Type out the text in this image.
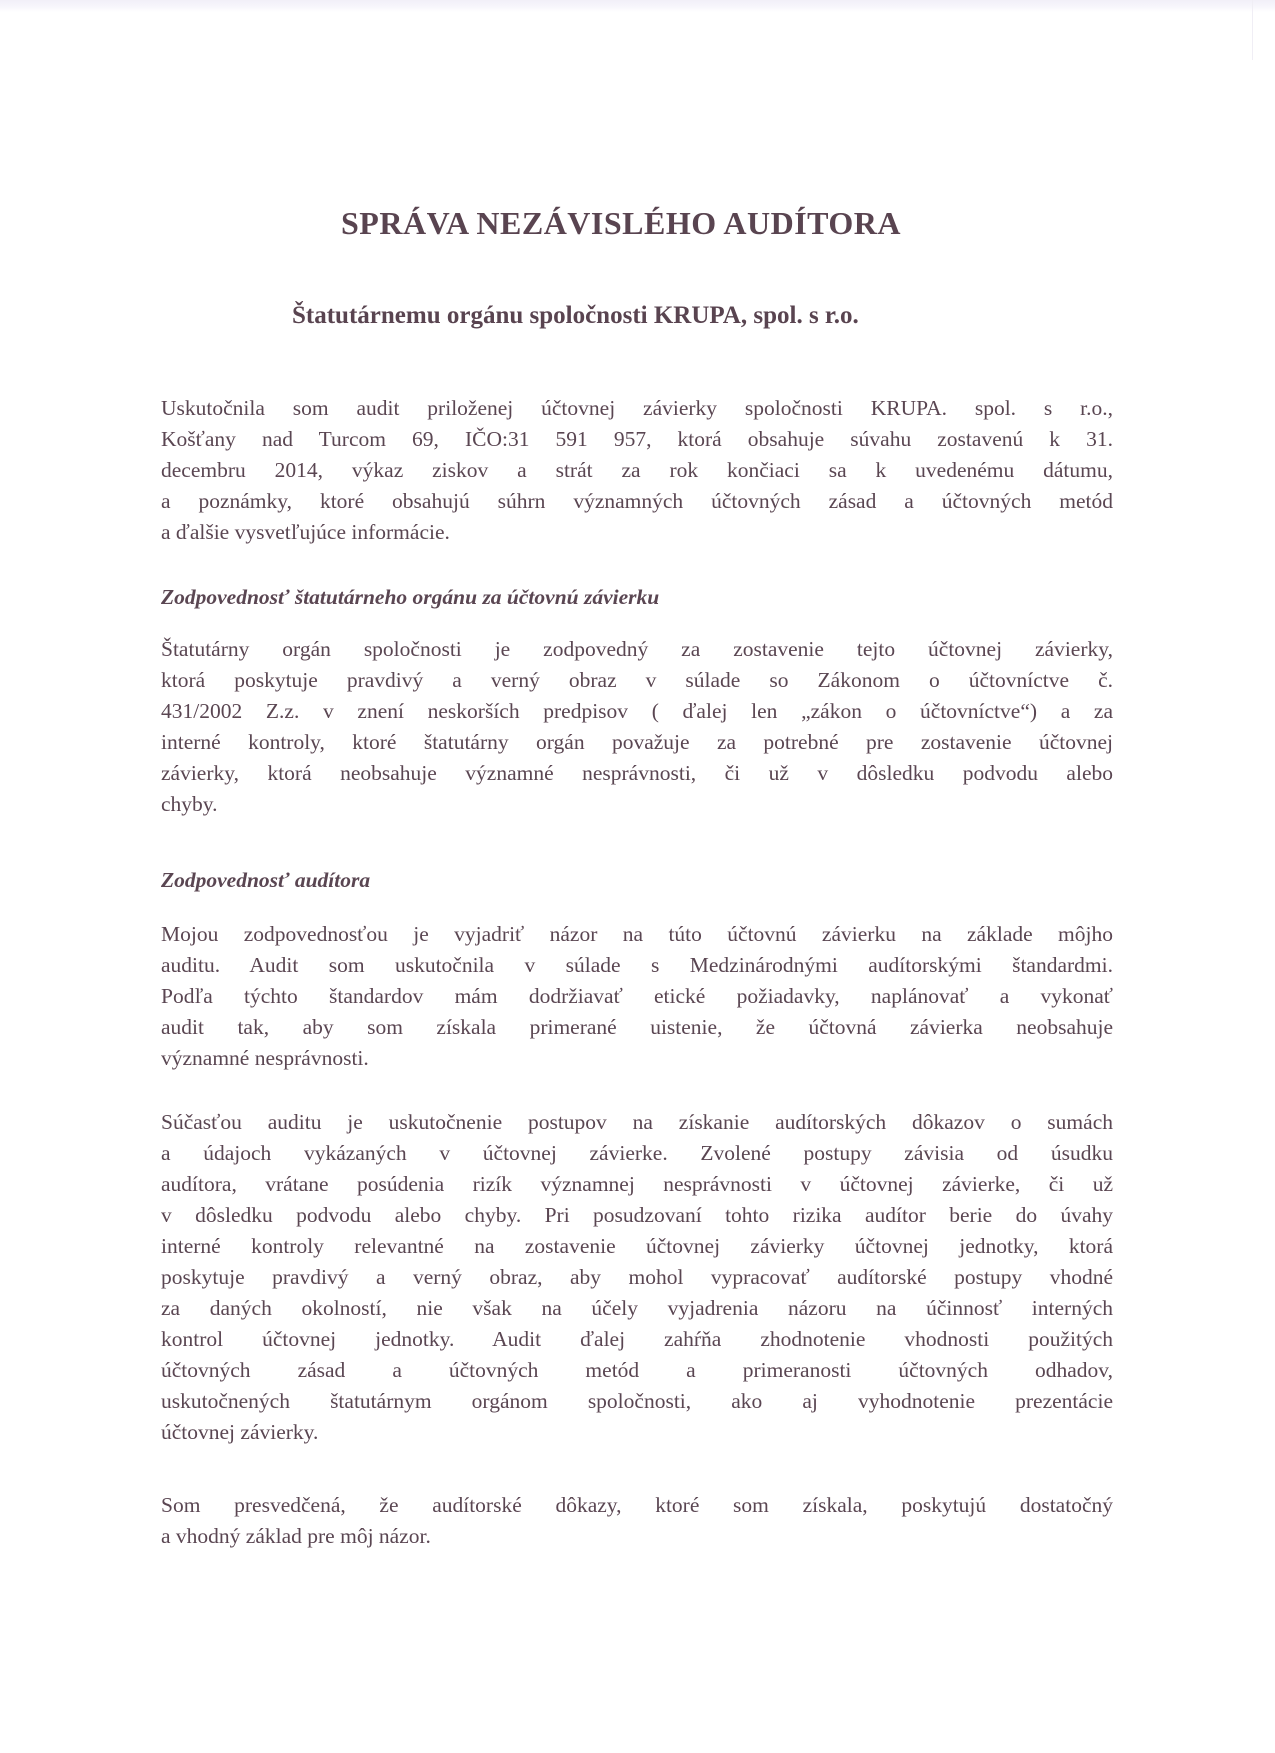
SPRÁVA NEZÁVISLÉHO AUDÍTORA
Štatutárnemu orgánu spoločnosti KRUPA, spol. s r.o.

Uskutočnila som audit priloženej účtovnej závierky spoločnosti KRUPA. spol. s r.o.,
Košťany nad Turcom 69, IČO:31 591 957, ktorá obsahuje súvahu zostavenú k 31.
decembru 2014, výkaz ziskov a strát za rok končiaci sa k uvedenému dátumu,
a poznámky, ktoré obsahujú súhrn významných účtovných zásad a účtovných metód
a ďalšie vysvetľujúce informácie.

Zodpovednosť štatutárneho orgánu za účtovnú závierku

Štatutárny orgán spoločnosti je zodpovedný za zostavenie tejto účtovnej závierky,
ktorá poskytuje pravdivý a verný obraz v súlade so Zákonom o účtovníctve č.
431/2002 Z.z. v znení neskorších predpisov ( ďalej len „zákon o účtovníctve“) a za
interné kontroly, ktoré štatutárny orgán považuje za potrebné pre zostavenie účtovnej
závierky, ktorá neobsahuje významné nesprávnosti, či už v dôsledku podvodu alebo
chyby.

Zodpovednosť audítora

Mojou zodpovednosťou je vyjadriť názor na túto účtovnú závierku na základe môjho
auditu. Audit som uskutočnila v súlade s Medzinárodnými audítorskými štandardmi.
Podľa týchto štandardov mám dodržiavať etické požiadavky, naplánovať a vykonať
audit tak, aby som získala primerané uistenie, že účtovná závierka neobsahuje
významné nesprávnosti.

Súčasťou auditu je uskutočnenie postupov na získanie audítorských dôkazov o sumách
a údajoch vykázaných v účtovnej závierke. Zvolené postupy závisia od úsudku
audítora, vrátane posúdenia rizík významnej nesprávnosti v účtovnej závierke, či už
v dôsledku podvodu alebo chyby. Pri posudzovaní tohto rizika audítor berie do úvahy
interné kontroly relevantné na zostavenie účtovnej závierky účtovnej jednotky, ktorá
poskytuje pravdivý a verný obraz, aby mohol vypracovať audítorské postupy vhodné
za daných okolností, nie však na účely vyjadrenia názoru na účinnosť interných
kontrol účtovnej jednotky. Audit ďalej zahŕňa zhodnotenie vhodnosti použitých
účtovných zásad a účtovných metód a primeranosti účtovných odhadov,
uskutočnených štatutárnym orgánom spoločnosti, ako aj vyhodnotenie prezentácie
účtovnej závierky.

Som presvedčená, že audítorské dôkazy, ktoré som získala, poskytujú dostatočný
a vhodný základ pre môj názor.
